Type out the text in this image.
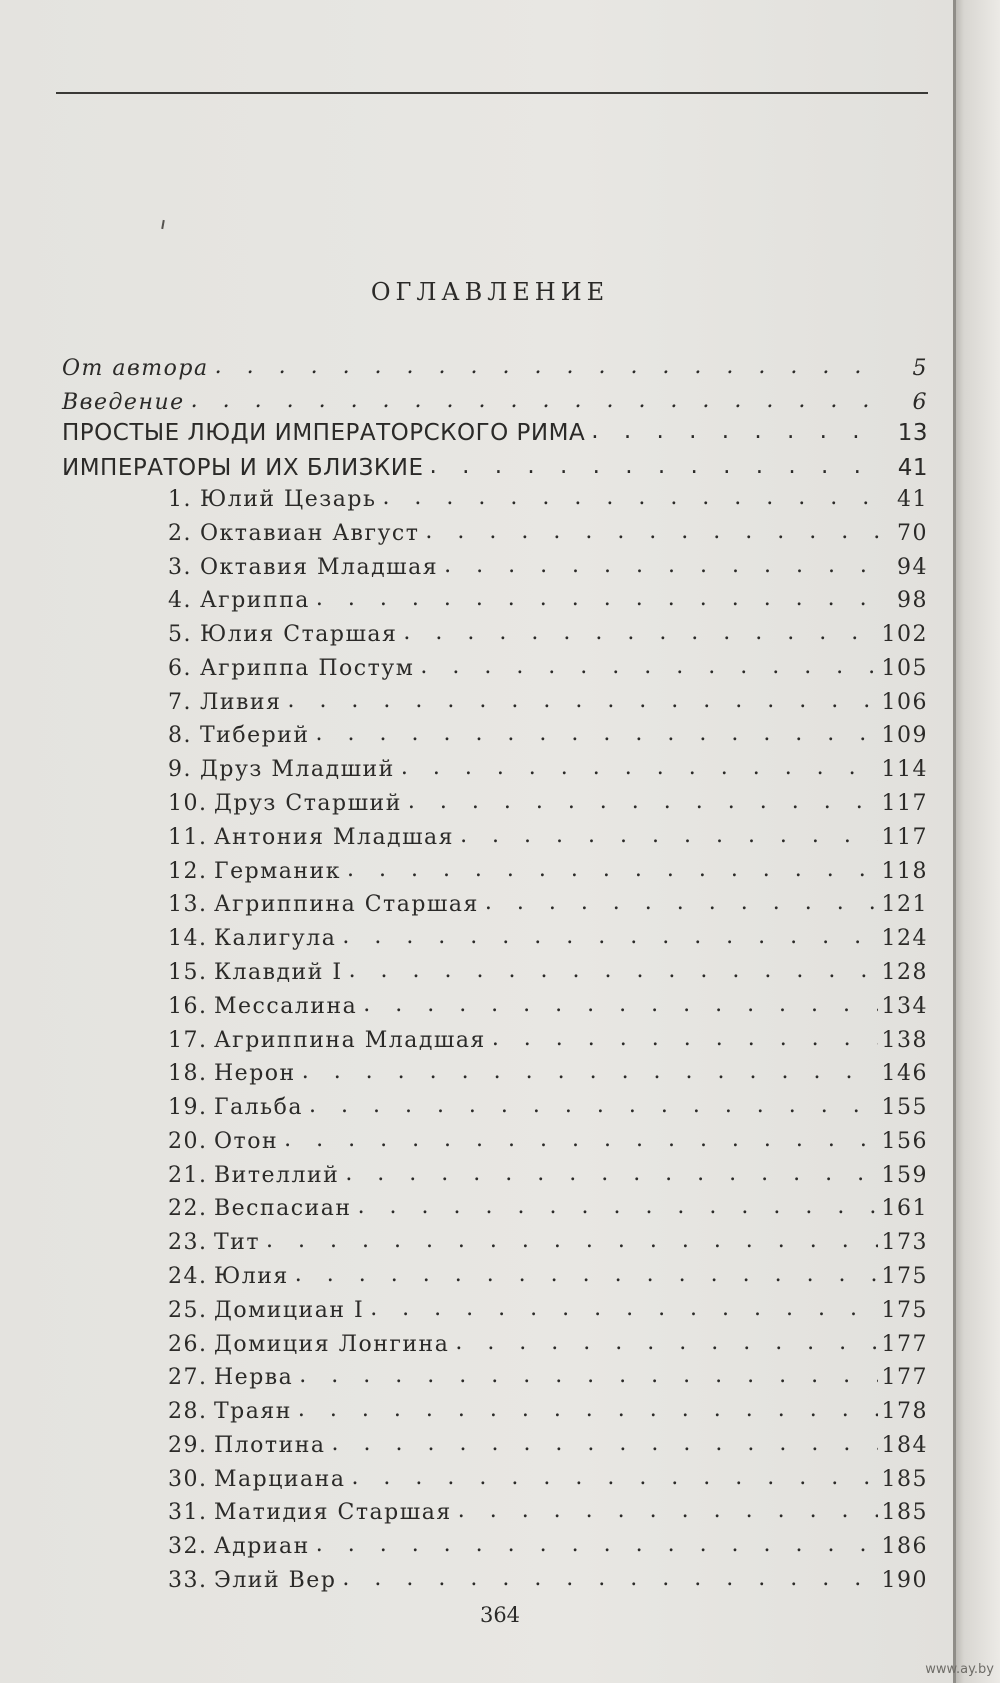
ОГЛАВЛЕНИЕ
От автора . . .	5
Введение . . .	6
ПРОСТЫЕ ЛЮДИ ИМПЕРАТОРСКОГО РИМА . . .	13
ИМПЕРАТОРЫ И ИХ БЛИЗКИЕ . . .	41
1. Юлий Цезарь . . .	41
2. Октавиан Август . . .	70
3. Октавия Младшая . . .	94
4. Агриппа . . .	98
5. Юлия Старшая . . .	102
6. Агриппа Постум . . .	105
7. Ливия . . .	106
8. Тиберий . . .	109
9. Друз Младший . . .	114
10. Друз Старший . . .	117
11. Антония Младшая . . .	117
12. Германик . . .	118
13. Агриппина Старшая . . .	121
14. Калигула . . .	124
15. Клавдий I . . .	128
16. Мессалина . . .	134
17. Агриппина Младшая . . .	138
18. Нерон . . .	146
19. Гальба . . .	155
20. Отон . . .	156
21. Вителлий . . .	159
22. Веспасиан . . .	161
23. Тит . . .	173
24. Юлия . . .	175
25. Домициан I . . .	175
26. Домиция Лонгина . . .	177
27. Нерва . . .	177
28. Траян . . .	178
29. Плотина . . .	184
30. Марциана . . .	185
31. Матидия Старшая . . .	185
32. Адриан . . .	186
33. Элий Вер . . .	190
364
www.ay.by
